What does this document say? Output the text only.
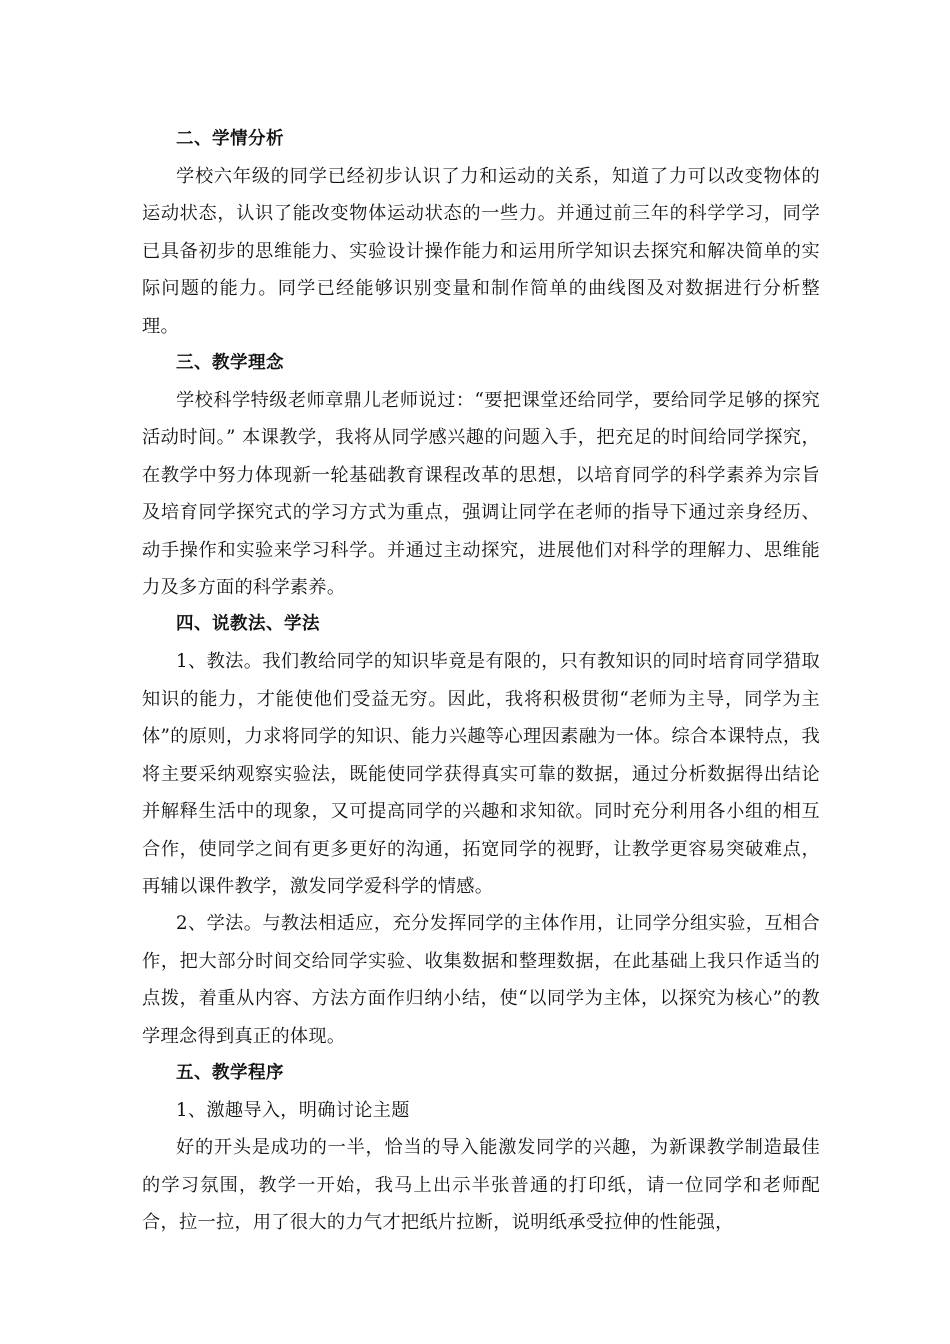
二、学情分析

学校六年级的同学已经初步认识了力和运动的关系，知道了力可以改变物体的运动状态，认识了能改变物体运动状态的一些力。并通过前三年的科学学习，同学已具备初步的思维能力、实验设计操作能力和运用所学知识去探究和解决简单的实际问题的能力。同学已经能够识别变量和制作简单的曲线图及对数据进行分析整理。

三、教学理念

学校科学特级老师章鼎儿老师说过：“要把课堂还给同学，要给同学足够的探究活动时间。” 本课教学，我将从同学感兴趣的问题入手，把充足的时间给同学探究，在教学中努力体现新一轮基础教育课程改革的思想，以培育同学的科学素养为宗旨及培育同学探究式的学习方式为重点，强调让同学在老师的指导下通过亲身经历、动手操作和实验来学习科学。并通过主动探究，进展他们对科学的理解力、思维能力及多方面的科学素养。

四、说教法、学法

1、教法。我们教给同学的知识毕竟是有限的，只有教知识的同时培育同学猎取知识的能力，才能使他们受益无穷。因此，我将积极贯彻“老师为主导，同学为主体”的原则，力求将同学的知识、能力兴趣等心理因素融为一体。综合本课特点，我将主要采纳观察实验法，既能使同学获得真实可靠的数据，通过分析数据得出结论并解释生活中的现象，又可提高同学的兴趣和求知欲。同时充分利用各小组的相互合作，使同学之间有更多更好的沟通，拓宽同学的视野，让教学更容易突破难点，再辅以课件教学，激发同学爱科学的情感。

2、学法。与教法相适应，充分发挥同学的主体作用，让同学分组实验，互相合作，把大部分时间交给同学实验、收集数据和整理数据，在此基础上我只作适当的点拨，着重从内容、方法方面作归纳小结，使“以同学为主体，以探究为核心”的教学理念得到真正的体现。

五、教学程序

1、激趣导入，明确讨论主题

好的开头是成功的一半，恰当的导入能激发同学的兴趣，为新课教学制造最佳的学习氛围，教学一开始，我马上出示半张普通的打印纸，请一位同学和老师配合，拉一拉，用了很大的力气才把纸片拉断，说明纸承受拉伸的性能强，
